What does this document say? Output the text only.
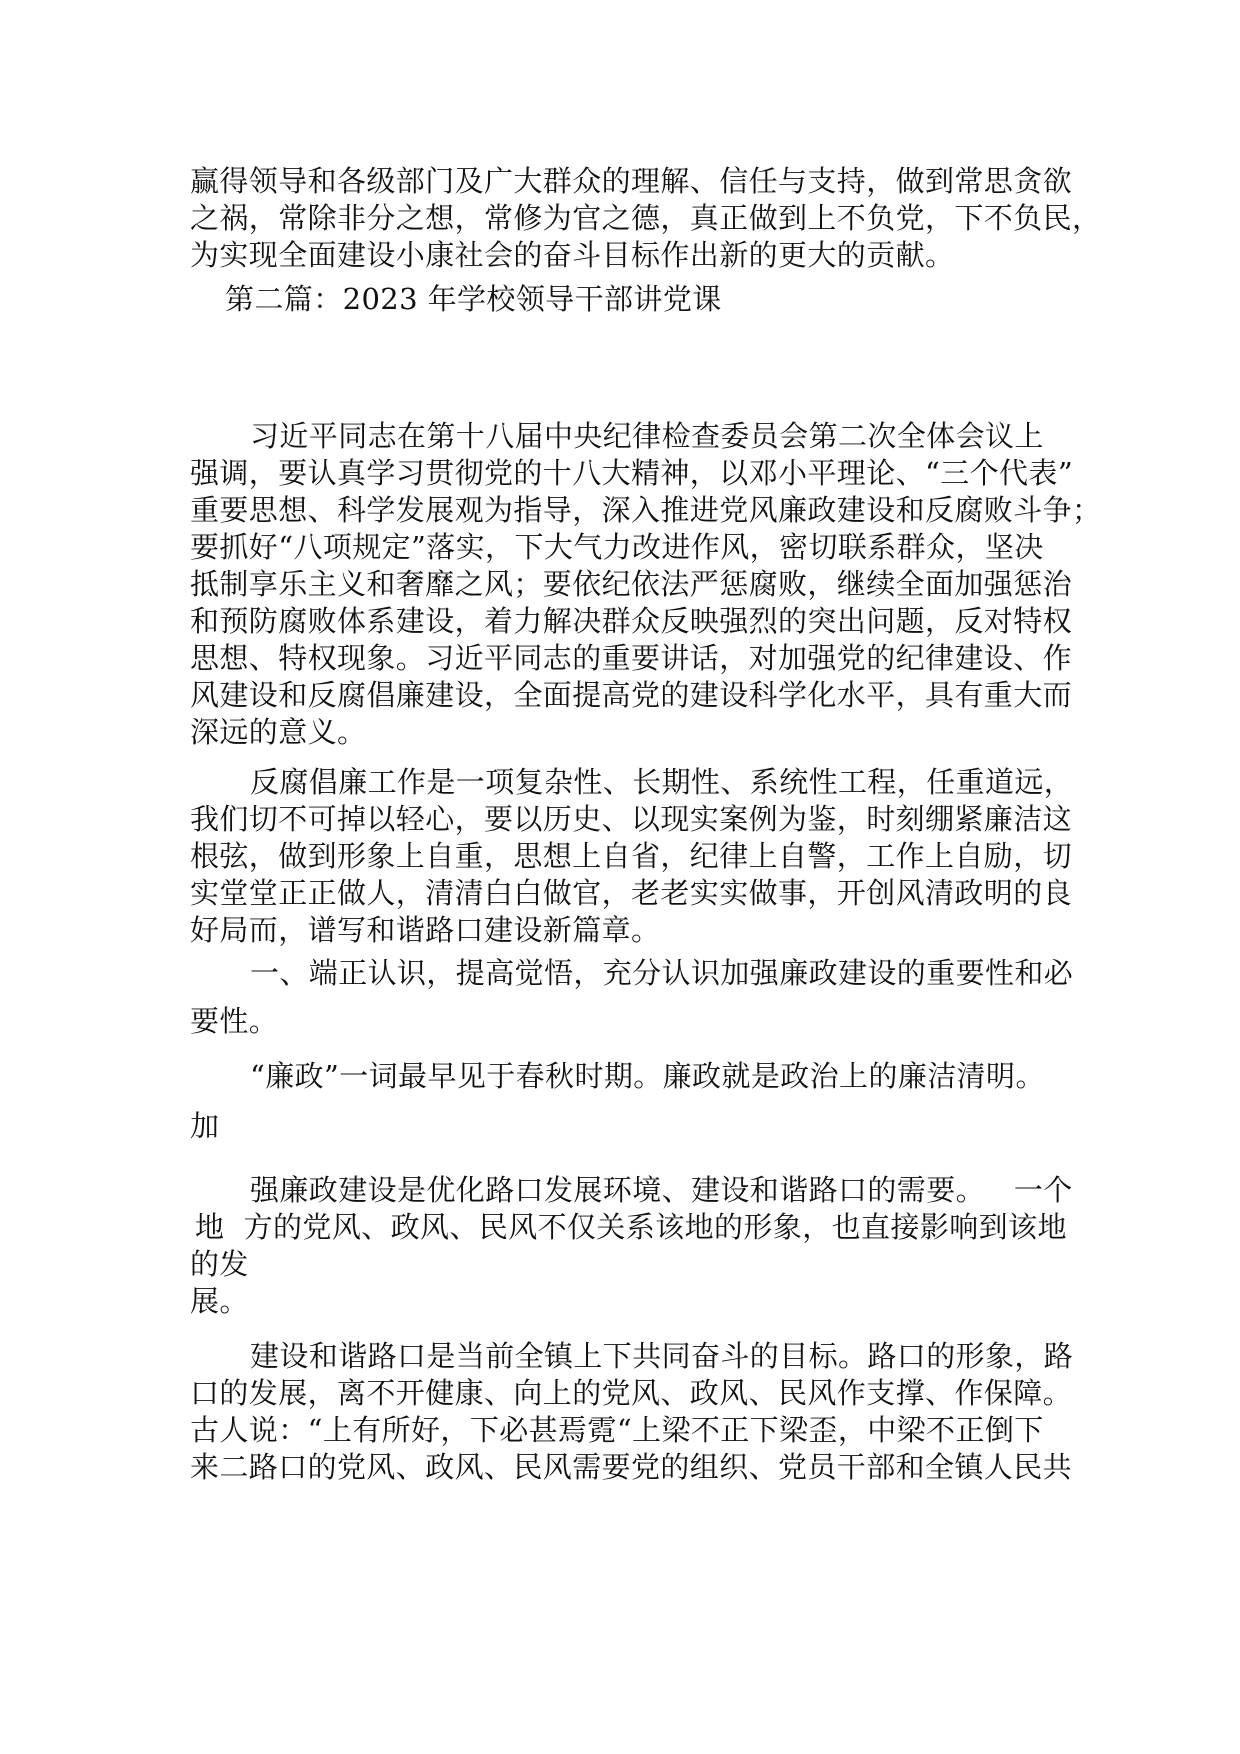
赢得领导和各级部门及广大群众的理解、信任与支持，做到常思贪欲
之祸，常除非分之想，常修为官之德，真正做到上不负党，下不负民，
为实现全面建设小康社会的奋斗目标作出新的更大的贡献。
第二篇：2023 年学校领导干部讲党课
习近平同志在第十八届中央纪律检查委员会第二次全体会议上
强调，要认真学习贯彻党的十八大精神，以邓小平理论、“三个代表”
重要思想、科学发展观为指导，深入推进党风廉政建设和反腐败斗争；
要抓好“八项规定”落实，下大气力改进作风，密切联系群众，坚决
抵制享乐主义和奢靡之风；要依纪依法严惩腐败，继续全面加强惩治
和预防腐败体系建设，着力解决群众反映强烈的突出问题，反对特权
思想、特权现象。习近平同志的重要讲话，对加强党的纪律建设、作
风建设和反腐倡廉建设，全面提高党的建设科学化水平，具有重大而
深远的意义。
反腐倡廉工作是一项复杂性、长期性、系统性工程，任重道远，
我们切不可掉以轻心，要以历史、以现实案例为鉴，时刻绷紧廉洁这
根弦，做到形象上自重，思想上自省，纪律上自警，工作上自励，切
实堂堂正正做人，清清白白做官，老老实实做事，开创风清政明的良
好局而，谱写和谐路口建设新篇章。
一、端正认识，提高觉悟，充分认识加强廉政建设的重要性和必
要性。
“廉政”一词最早见于春秋时期。廉政就是政治上的廉洁清明。
加
强廉政建设是优化路口发展环境、建设和谐路口的需要。   一个
地  方的党风、政风、民风不仅关系该地的形象，也直接影响到该地
的发
展。
建设和谐路口是当前全镇上下共同奋斗的目标。路口的形象，路
口的发展，离不开健康、向上的党风、政风、民风作支撑、作保障。
古人说：“上有所好，下必甚焉霓“上梁不正下梁歪，中梁不正倒下
来二路口的党风、政风、民风需要党的组织、党员干部和全镇人民共
